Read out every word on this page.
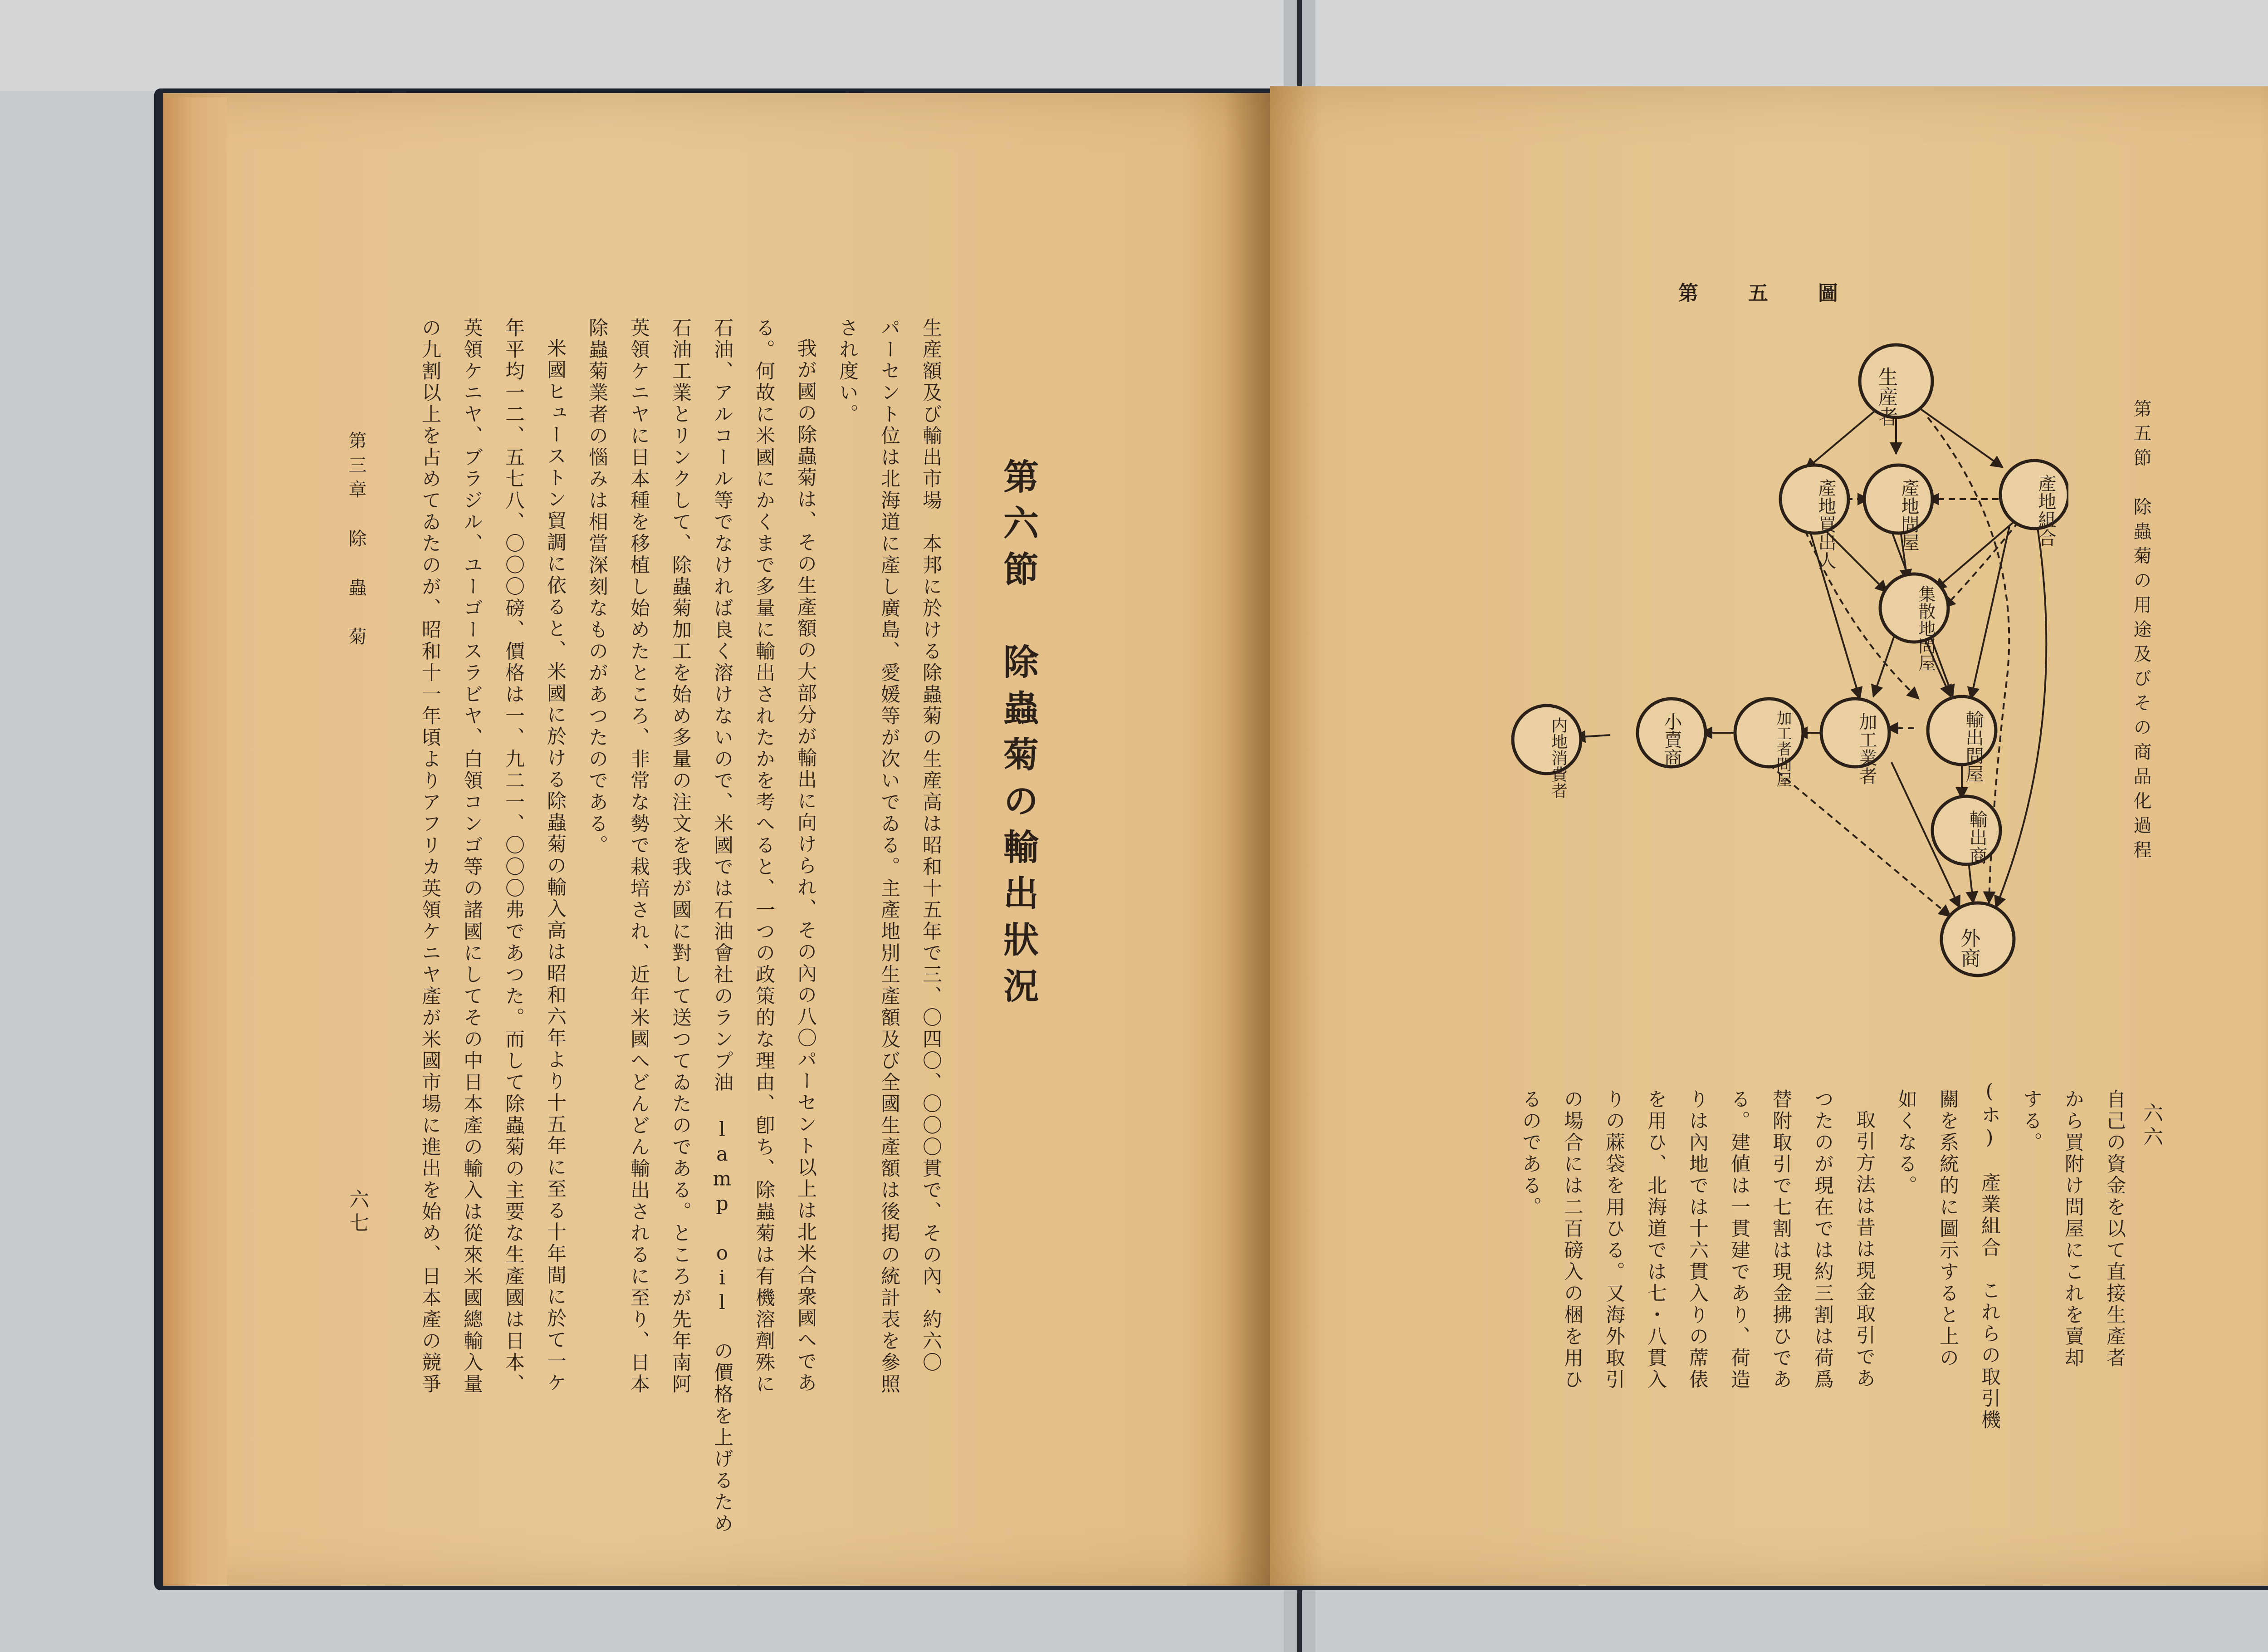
第六節　除蟲菊の輸出狀況
生産額及び輸出市場　本邦に於ける除蟲菊の生産高は昭和十五年で三、〇四〇、〇〇〇貫で、その內、約六〇
パーセント位は北海道に產し廣島、愛媛等が次いでゐる。主產地別生產額及び全國生產額は後掲の統計表を參照
され度い。
我が國の除蟲菊は、その生產額の大部分が輸出に向けられ、その內の八〇パーセント以上は北米合衆國へであ
る。何故に米國にかくまで多量に輸出されたかを考へると、一つの政策的な理由、卽ち、除蟲菊は有機溶劑殊に
石油、アルコール等でなければ良く溶けないので、米國では石油會社のランプ油 lamp oil の價格を上げるため
石油工業とリンクして、除蟲菊加工を始め多量の注文を我が國に對して送つてゐたのである。ところが先年南阿
英領ケニヤに日本種を移植し始めたところ、非常な勢で栽培され、近年米國へどんどん輸出されるに至り、日本
除蟲菊業者の惱みは相當深刻なものがあつたのである。
米國ヒューストン貿調に依ると、米國に於ける除蟲菊の輸入高は昭和六年より十五年に至る十年間に於て一ケ
年平均一二、五七八、〇〇〇磅、價格は一、九二一、〇〇〇弗であつた。而して除蟲菊の主要な生產國は日本、
英領ケニヤ、ブラジル、ユーゴースラビヤ、白領コンゴ等の諸國にしてその中日本產の輸入は從來米國總輸入量
の九割以上を占めてゐたのが、昭和十一年頃よりアフリカ英領ケニヤ產が米國市場に進出を始め、日本產の競爭
第三章　除　蟲　菊
六七
第五節　除蟲菊の用途及びその商品化過程
第五圖
生産者
產地買出人	產地問屋	產地組合
集散地問屋
輸出問屋
加工業者
加工者問屋
小賣商
内地消費者
輸出商
外商
自己の資金を以て直接生產者
から買附け問屋にこれを賣却
する。
(ホ)　產業組合　これらの取引機
關を系統的に圖示すると上の
如くなる。
取引方法は昔は現金取引であ
つたのが現在では約三割は荷爲
替附取引で七割は現金拂ひであ
る。建値は一貫建であり、荷造
りは內地では十六貫入りの蓆俵
を用ひ、北海道では七・八貫入
りの蔴袋を用ひる。又海外取引
の場合には二百磅入の梱を用ひ
るのである。	六六
